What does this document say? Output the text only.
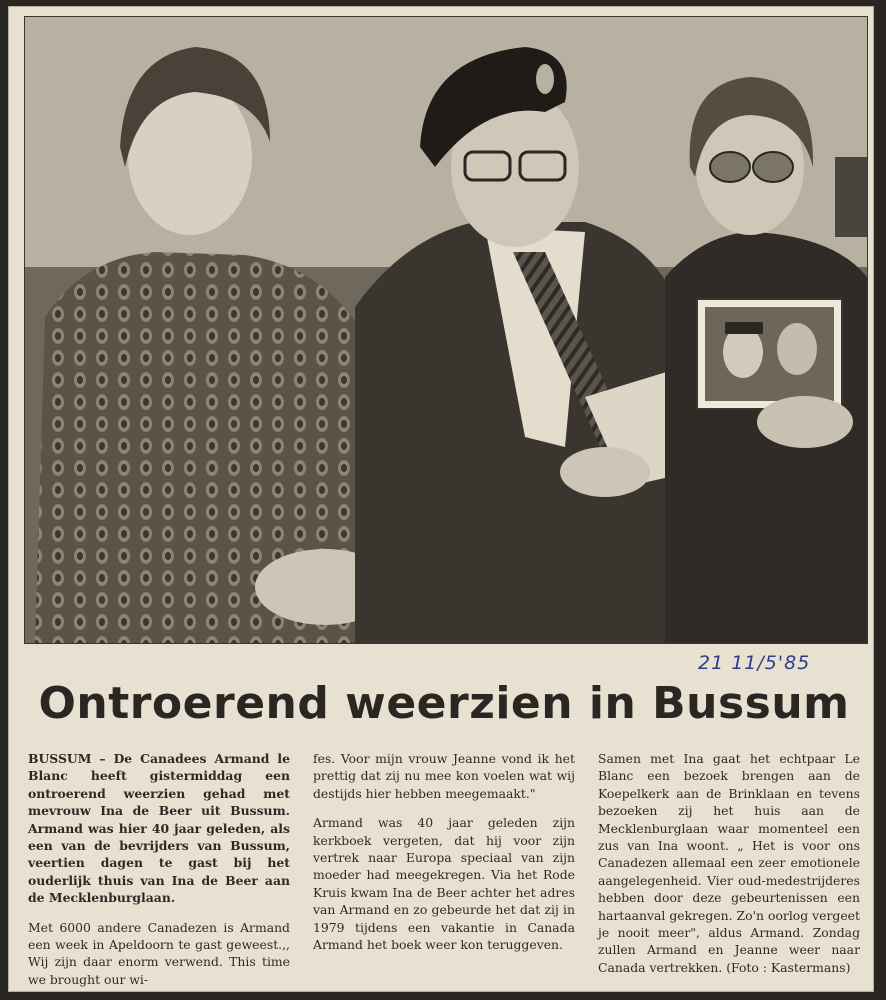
21 11/5'85
Ontroerend weerzien in Bussum

BUSSUM – De Canadees Armand le Blanc heeft gistermiddag een ontroerend weerzien gehad met mevrouw Ina de Beer uit Bussum. Armand was hier 40 jaar geleden, als een van de bevrijders van Bussum, veertien dagen te gast bij het ouderlijk thuis van Ina de Beer aan de Mecklenburglaan.

Met 6000 andere Canadezen is Armand een week in Apeldoorn te gast geweest.,, Wij zijn daar enorm verwend. This time we brought our wi-

fes. Voor mijn vrouw Jeanne vond ik het prettig dat zij nu mee kon voelen wat wij destijds hier hebben meegemaakt."

Armand was 40 jaar geleden zijn kerkboek vergeten, dat hij voor zijn vertrek naar Europa speciaal van zijn moeder had meegekregen. Via het Rode Kruis kwam Ina de Beer achter het adres van Armand en zo gebeurde het dat zij in 1979 tijdens een vakantie in Canada Armand het boek weer kon teruggeven.

Samen met Ina gaat het echtpaar Le Blanc een bezoek brengen aan de Koepelkerk aan de Brinklaan en tevens bezoeken zij het huis aan de Mecklenburglaan waar momenteel een zus van Ina woont. „ Het is voor ons Canadezen allemaal een zeer emotionele aangelegenheid. Vier oud-medestrijderes hebben door deze gebeurtenissen een hartaanval gekregen. Zo'n oorlog vergeet je nooit meer", aldus Armand. Zondag zullen Armand en Jeanne weer naar Canada vertrekken. (Foto : Kastermans)
